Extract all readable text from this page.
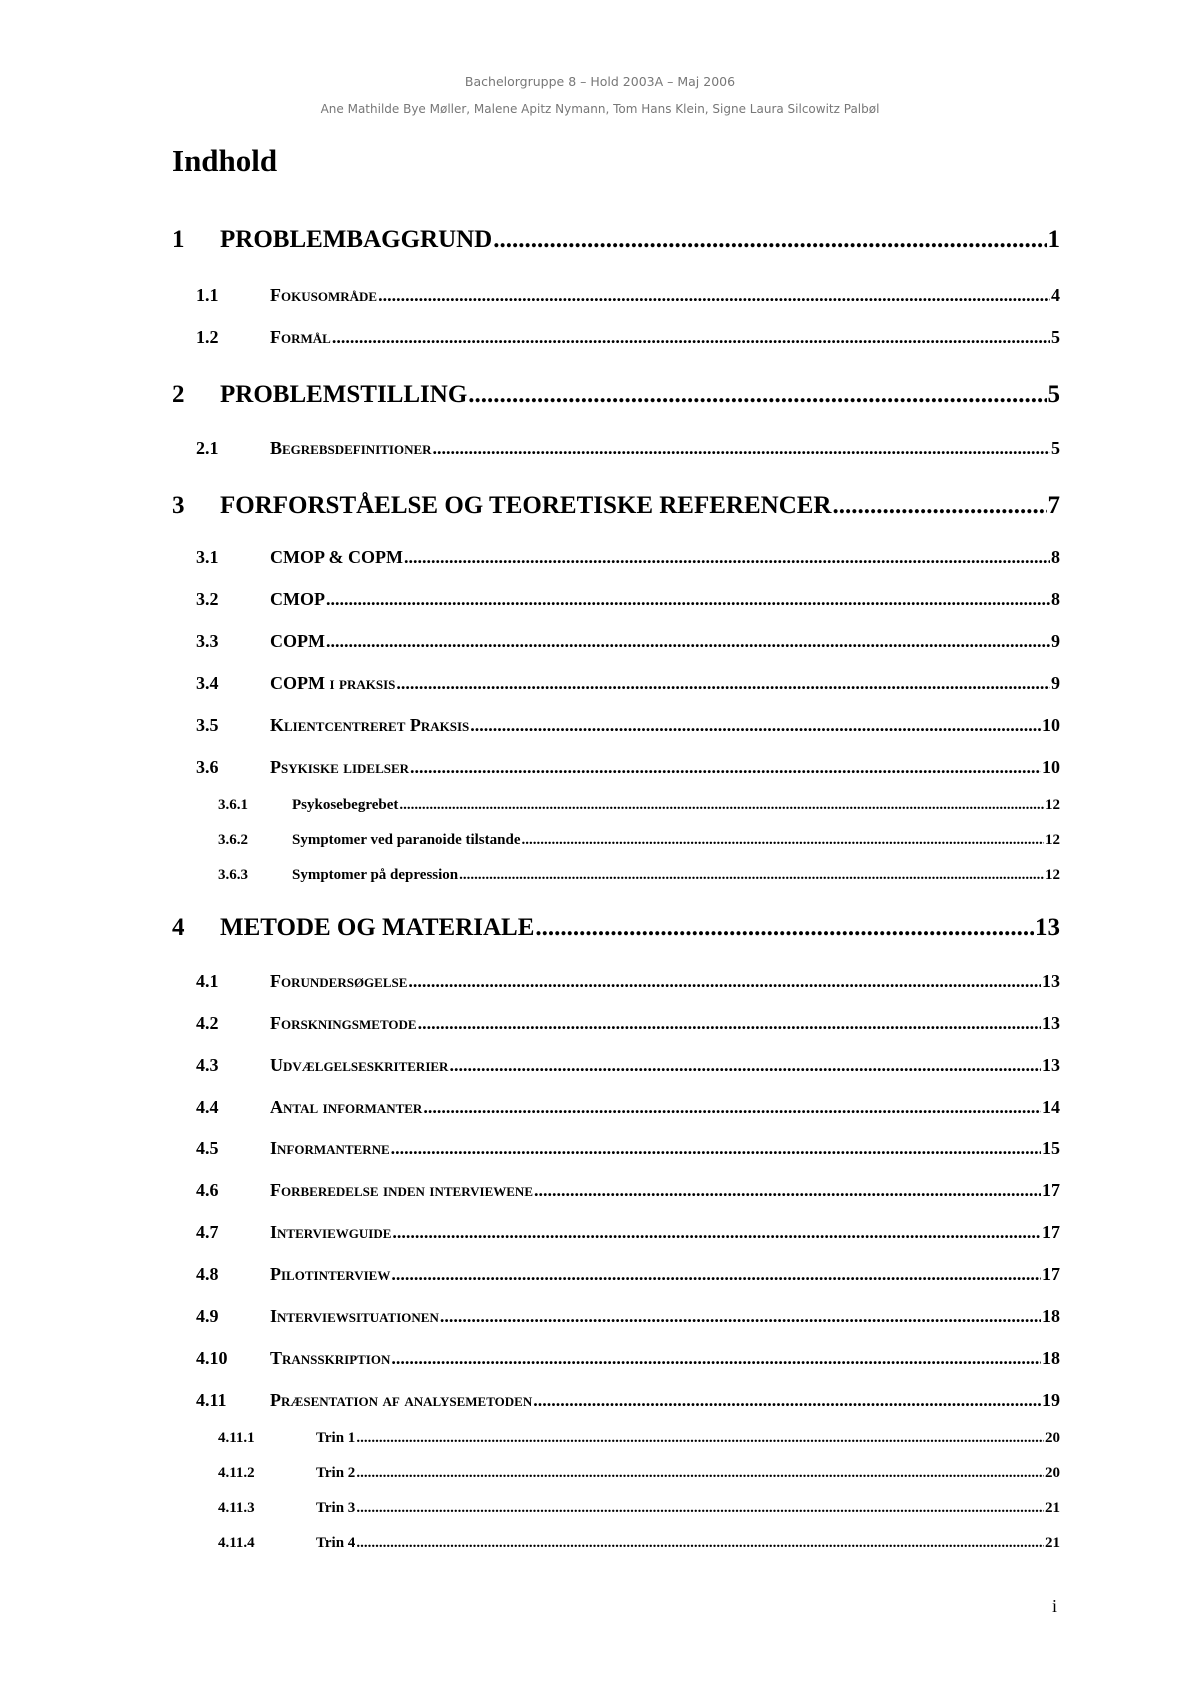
Bachelorgruppe 8 – Hold 2003A – Maj 2006
Ane Mathilde Bye Møller, Malene Apitz Nymann, Tom Hans Klein, Signe Laura Silcowitz Palbøl
Indhold
1	PROBLEMBAGGRUND .....	1
1.1	Fokusområde .....	4
1.2	Formål .....	5
2	PROBLEMSTILLING .....	5
2.1	Begrebsdefinitioner .....	5
3	FORFORSTÅELSE OG TEORETISKE REFERENCER .....	7
3.1	CMOP & COPM .....	8
3.2	CMOP .....	8
3.3	COPM .....	9
3.4	COPM i praksis .....	9
3.5	Klientcentreret Praksis .....	10
3.6	Psykiske lidelser .....	10
3.6.1	Psykosebegrebet .....	12
3.6.2	Symptomer ved paranoide tilstande .....	12
3.6.3	Symptomer på depression .....	12
4	METODE OG MATERIALE .....	13
4.1	Forundersøgelse .....	13
4.2	Forskningsmetode .....	13
4.3	Udvælgelseskriterier .....	13
4.4	Antal informanter .....	14
4.5	Informanterne .....	15
4.6	Forberedelse inden interviewene .....	17
4.7	Interviewguide .....	17
4.8	Pilotinterview .....	17
4.9	Interviewsituationen .....	18
4.10	Transskription .....	18
4.11	Præsentation af analysemetoden .....	19
4.11.1	Trin 1 .....	20
4.11.2	Trin 2 .....	20
4.11.3	Trin 3 .....	21
4.11.4	Trin 4 .....	21
i
